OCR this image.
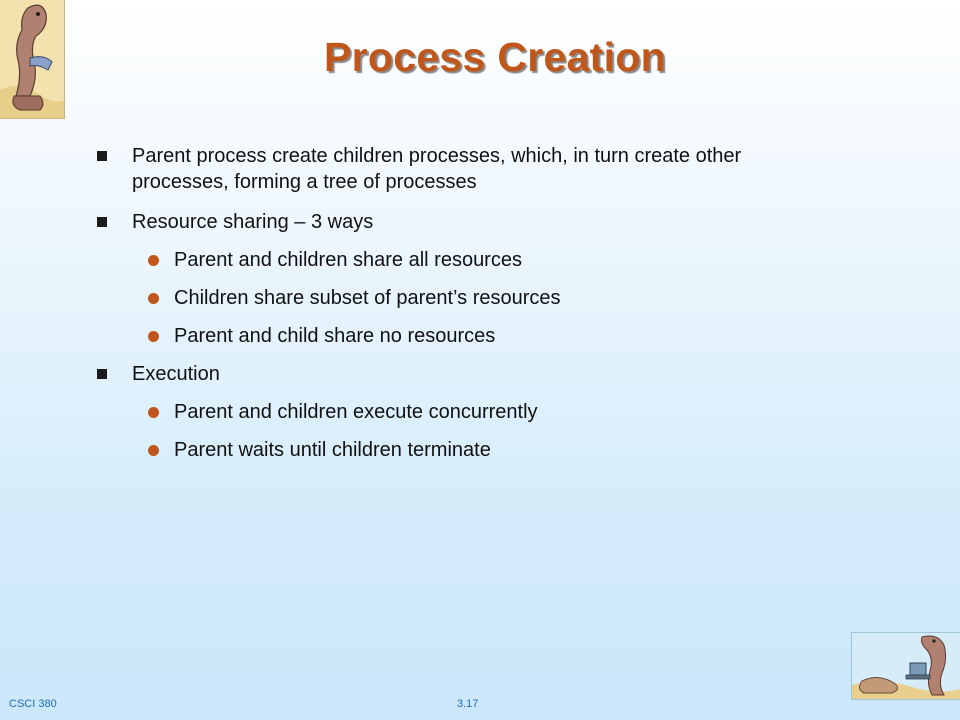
Process Creation
Parent process create children processes, which, in turn create other processes, forming a tree of processes
Resource sharing – 3 ways
Parent and children share all resources
Children share subset of parent’s resources
Parent and child share no resources
Execution
Parent and children execute concurrently
Parent waits until children terminate
CSCI 380	3.17
